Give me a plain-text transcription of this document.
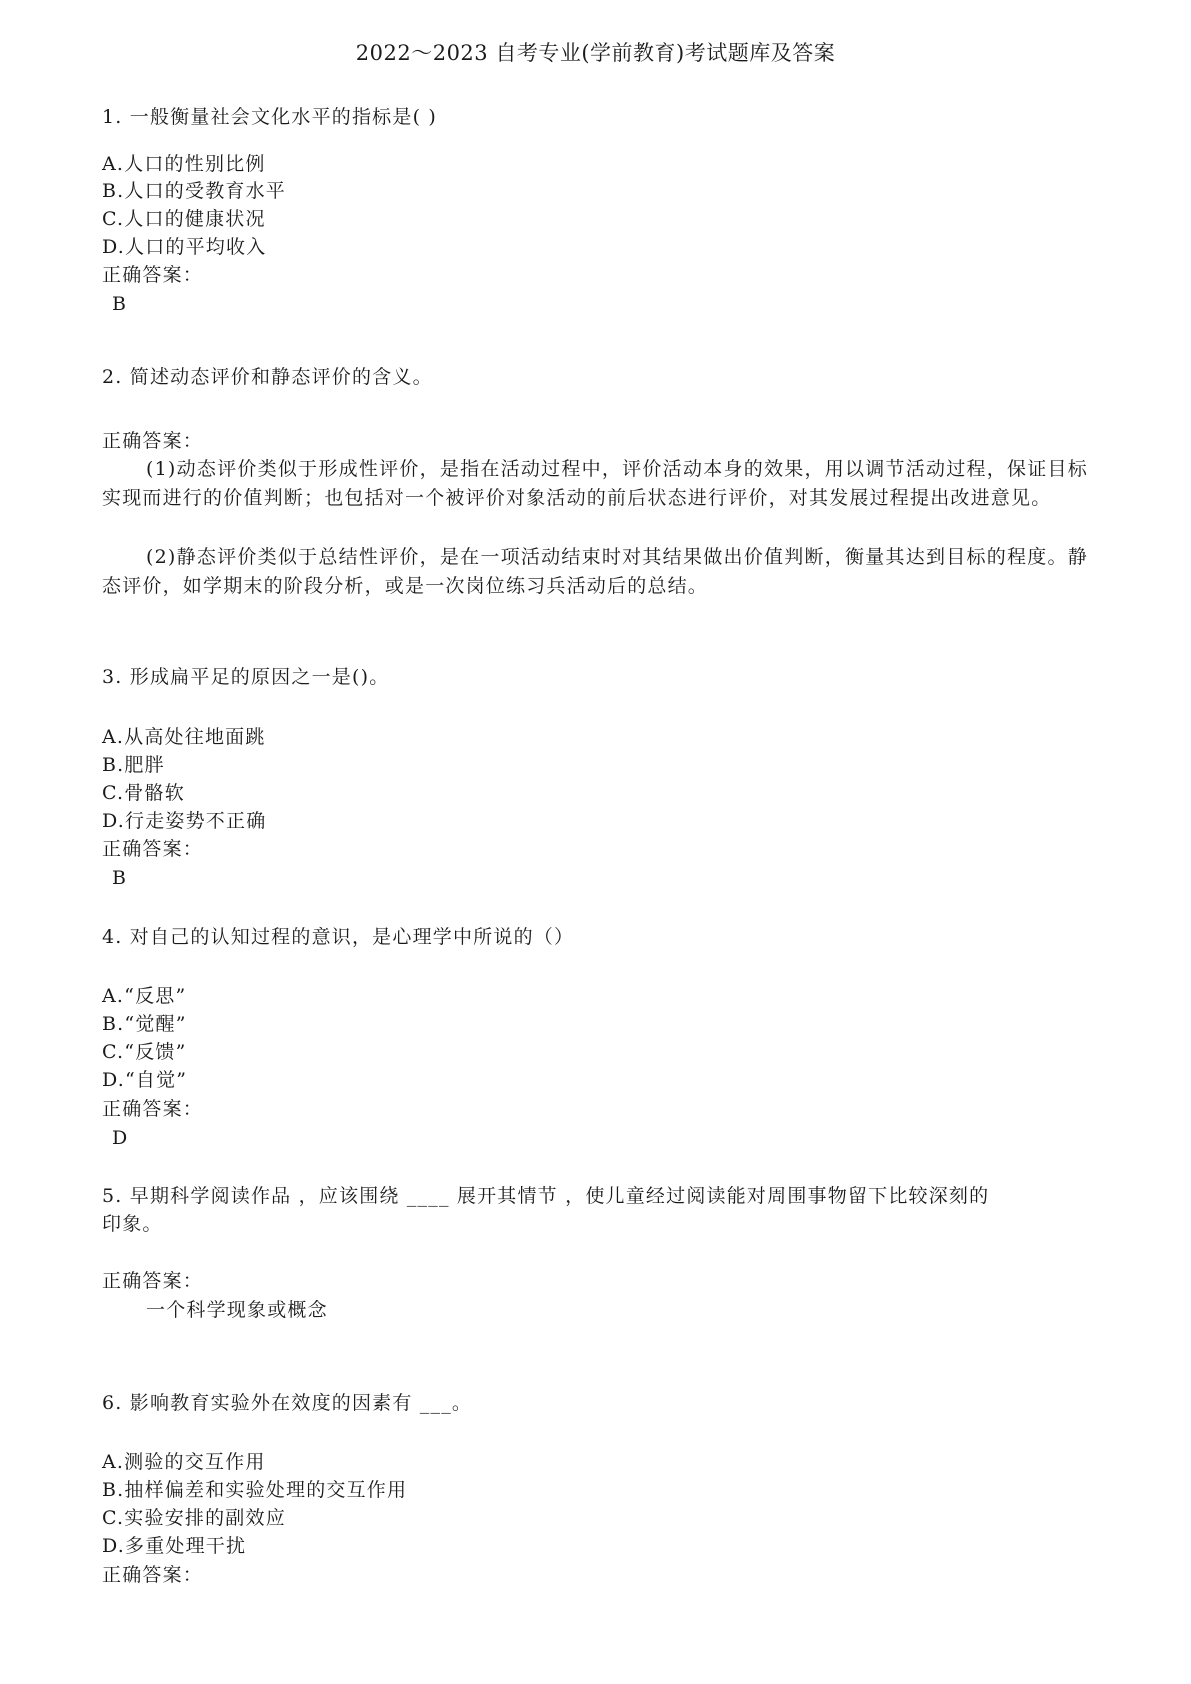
2022～2023 自考专业(学前教育)考试题库及答案
1. 一般衡量社会文化水平的指标是( )
A.人口的性别比例
B.人口的受教育水平
C.人口的健康状况
D.人口的平均收入
正确答案：
B
2. 简述动态评价和静态评价的含义。
正确答案：
(1)动态评价类似于形成性评价，是指在活动过程中，评价活动本身的效果，用以调节活动过程，保证目标实现而进行的价值判断；也包括对一个被评价对象活动的前后状态进行评价，对其发展过程提出改进意见。
(2)静态评价类似于总结性评价，是在一项活动结束时对其结果做出价值判断，衡量其达到目标的程度。静态评价，如学期末的阶段分析，或是一次岗位练习兵活动后的总结。
3. 形成扁平足的原因之一是()。
A.从高处往地面跳
B.肥胖
C.骨骼软
D.行走姿势不正确
正确答案：
B
4. 对自己的认知过程的意识，是心理学中所说的（）
A.“反思”
B.“觉醒”
C.“反馈”
D.“自觉”
正确答案：
D
5. 早期科学阅读作品 ，应该围绕 ____ 展开其情节 ，使儿童经过阅读能对周围事物留下比较深刻的
印象。
正确答案：
一个科学现象或概念
6. 影响教育实验外在效度的因素有 ___。
A.测验的交互作用
B.抽样偏差和实验处理的交互作用
C.实验安排的副效应
D.多重处理干扰
正确答案：
